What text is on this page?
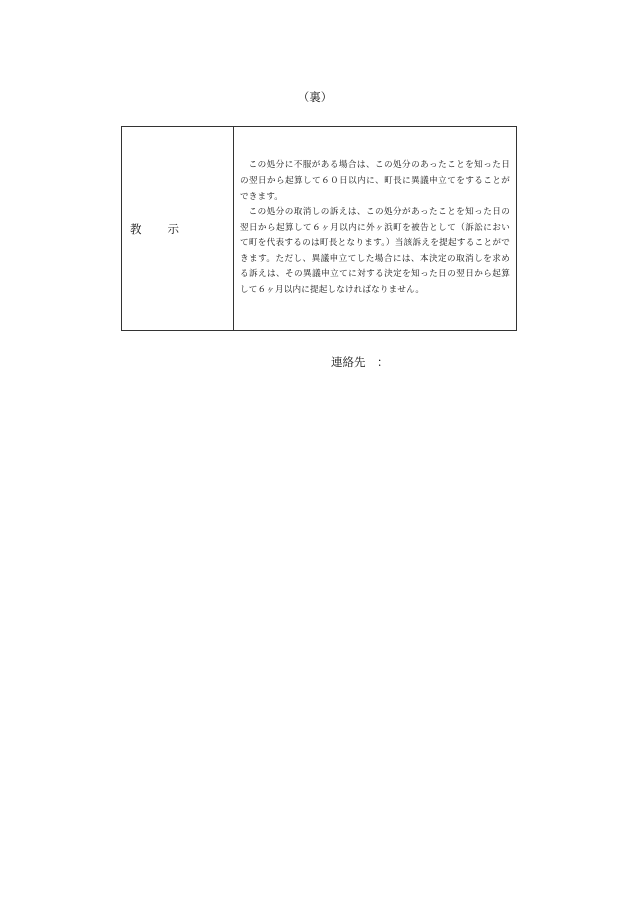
（裏）
教 示

この処分に不服がある場合は、この処分のあったことを知った日の翌日から起算して６０日以内に、町長に異議申立てをすることができます。

この処分の取消しの訴えは、この処分があったことを知った日の翌日から起算して６ヶ月以内に外ヶ浜町を被告として（訴訟において町を代表するのは町長となります。）当該訴えを提起することができます。ただし、異議申立てした場合には、本決定の取消しを求める訴えは、その異議申立てに対する決定を知った日の翌日から起算して６ヶ月以内に提起しなければなりません。

連絡先　：
